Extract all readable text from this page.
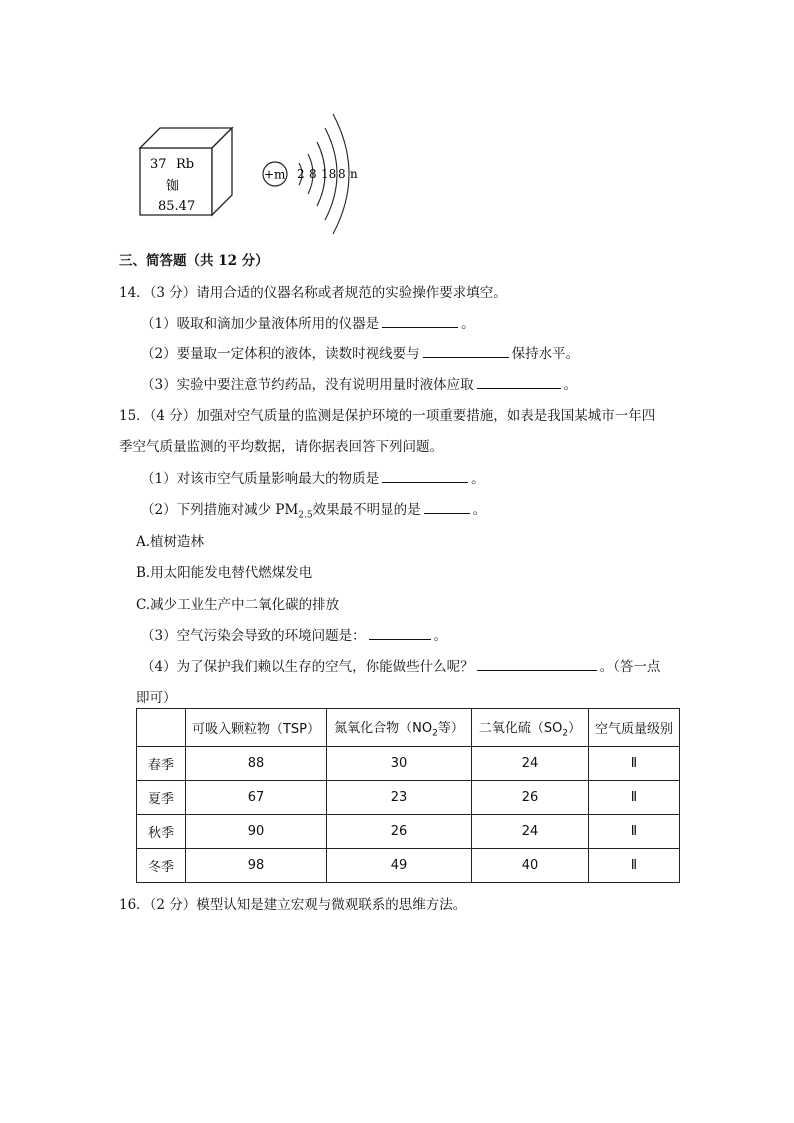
37 Rb
铷
85.47
+m 2 8 18 8 n
三、简答题（共 12 分）
14．（3 分）请用合适的仪器名称或者规范的实验操作要求填空。
（1）吸取和滴加少量液体所用的仪器是	。
（2）要量取一定体积的液体，读数时视线要与	保持水平。
（3）实验中要注意节约药品，没有说明用量时液体应取	。
15．（4 分）加强对空气质量的监测是保护环境的一项重要措施，如表是我国某城市一年四
季空气质量监测的平均数据，请你据表回答下列问题。
（1）对该市空气质量影响最大的物质是	。
（2）下列措施对减少 $PM_{2.5}$效果最不明显的是	。
A.植树造林
B.用太阳能发电替代燃煤发电
C.减少工业生产中二氧化碳的排放
（3）空气污染会导致的环境问题是：	。
（4）为了保护我们赖以生存的空气，你能做些什么呢？	。（答一点
即可）
	可吸入颗粒物（TSP）	氮氧化合物（$NO_2$等）	二氧化硫$(SO_2)$	空气质量级别
春季	88	30	24	Ⅱ
夏季	67	23	26	Ⅱ
秋季	90	26	24	Ⅱ
冬季	98	49	40	Ⅱ
16．（2 分）模型认知是建立宏观与微观联系的思维方法。
